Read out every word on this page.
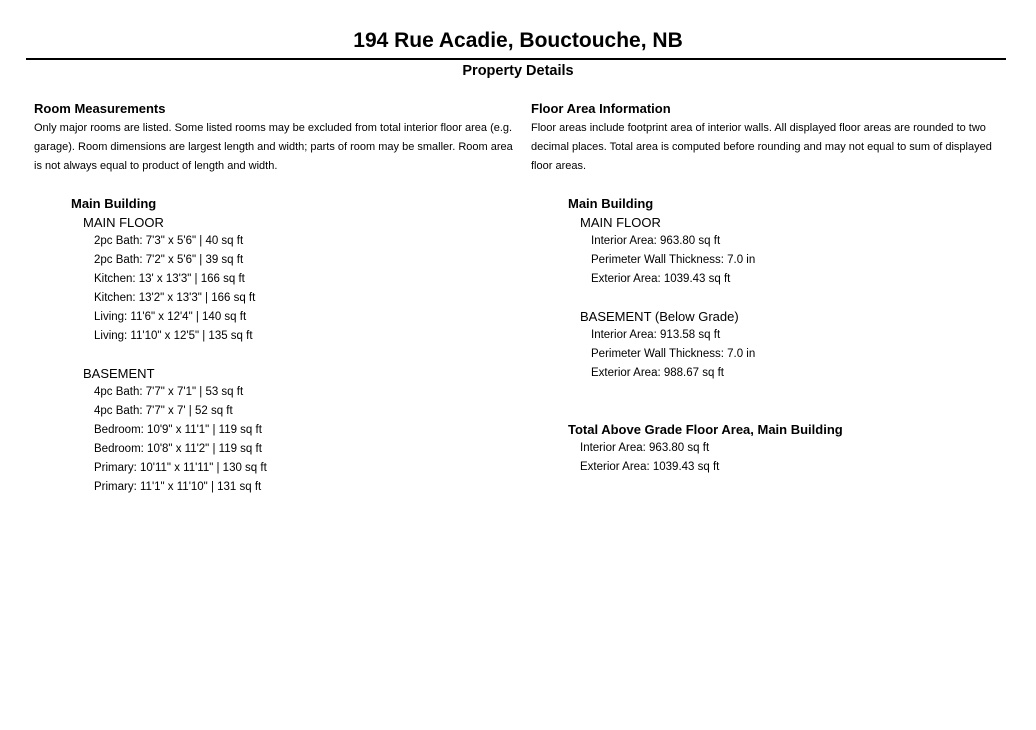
194 Rue Acadie, Bouctouche, NB
Property Details
Room Measurements
Only major rooms are listed. Some listed rooms may be excluded from total interior floor area (e.g. garage). Room dimensions are largest length and width; parts of room may be smaller. Room area is not always equal to product of length and width.
Main Building
MAIN FLOOR
2pc Bath: 7'3" x 5'6" | 40 sq ft
2pc Bath: 7'2" x 5'6" | 39 sq ft
Kitchen: 13' x 13'3" | 166 sq ft
Kitchen: 13'2" x 13'3" | 166 sq ft
Living: 11'6" x 12'4" | 140 sq ft
Living: 11'10" x 12'5" | 135 sq ft
BASEMENT
4pc Bath: 7'7" x 7'1" | 53 sq ft
4pc Bath: 7'7" x 7' | 52 sq ft
Bedroom: 10'9" x 11'1" | 119 sq ft
Bedroom: 10'8" x 11'2" | 119 sq ft
Primary: 10'11" x 11'11" | 130 sq ft
Primary: 11'1" x 11'10" | 131 sq ft
Floor Area Information
Floor areas include footprint area of interior walls. All displayed floor areas are rounded to two decimal places. Total area is computed before rounding and may not equal to sum of displayed floor areas.
Main Building
MAIN FLOOR
Interior Area: 963.80 sq ft
Perimeter Wall Thickness: 7.0 in
Exterior Area: 1039.43 sq ft
BASEMENT (Below Grade)
Interior Area: 913.58 sq ft
Perimeter Wall Thickness: 7.0 in
Exterior Area: 988.67 sq ft
Total Above Grade Floor Area, Main Building
Interior Area: 963.80 sq ft
Exterior Area: 1039.43 sq ft
